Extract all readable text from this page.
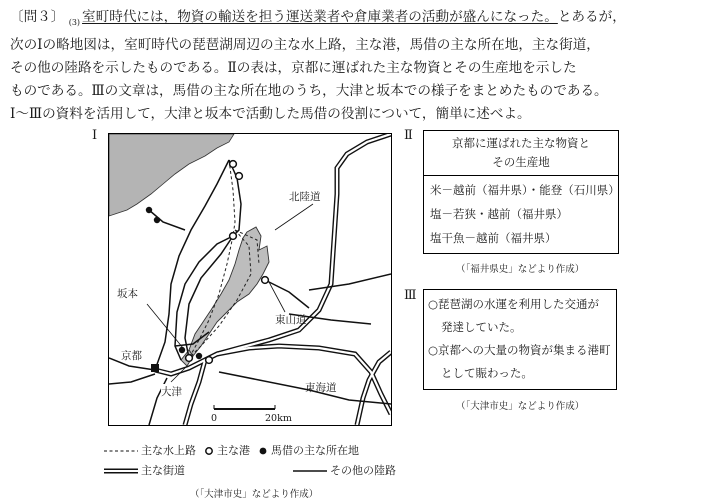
〔問３〕 $_{(3)}$ 室町時代には，物資の輸送を担う運送業者や倉庫業者の活動が盛んになった。とあるが，

次のⅠの略地図は，室町時代の琵琶湖周辺の主な水上路，主な港，馬借の主な所在地，主な街道，

その他の陸路を示したものである。Ⅱの表は，京都に運ばれた主な物資とその生産地を示した

ものである。Ⅲの文章は，馬借の主な所在地のうち，大津と坂本での様子をまとめたものである。

Ⅰ～Ⅲの資料を活用して，大津と坂本で活動した馬借の役割について，簡単に述べよ。

Ⅰ
北陸道
坂本
東山道
京都
大津	東海道
0	20km
主な水上路 主な港 馬借の主な所在地
主な街道	その他の陸路
（「大津市史」などより作成）
Ⅱ	京都に運ばれた主な物資と
その生産地
米－越前（福井県）・能登（石川県）
塩－若狭・越前（福井県）
塩干魚－越前（福井県）
（「福井県史」などより作成）
Ⅲ
○琵琶湖の水運を利用した交通が
発達していた。
○京都への大量の物資が集まる港町
として賑わった。
（「大津市史」などより作成）
